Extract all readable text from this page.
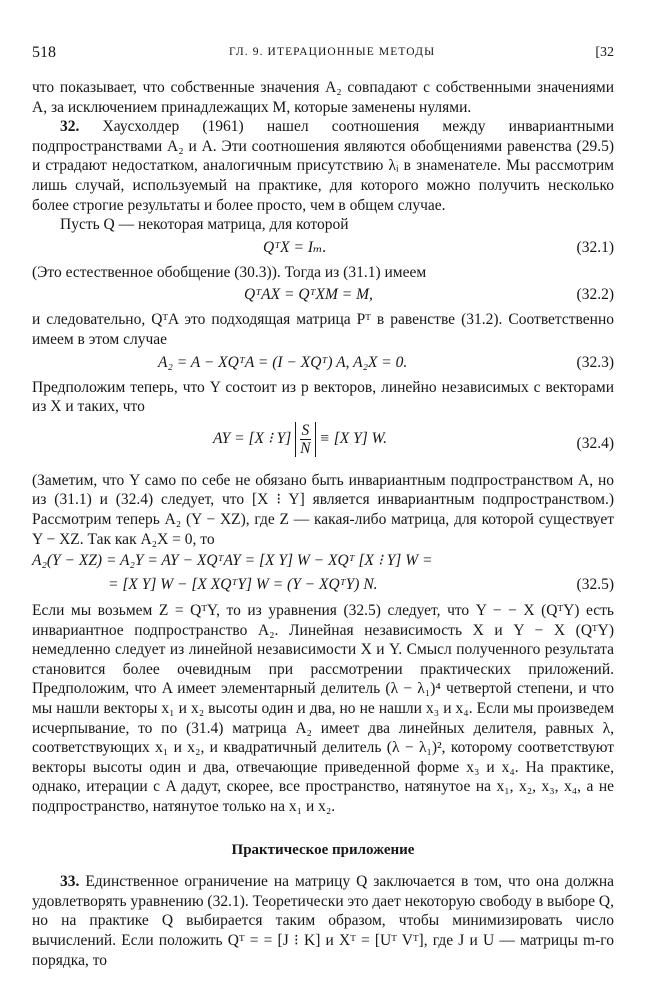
518	ГЛ. 9. ИТЕРАЦИОННЫЕ МЕТОДЫ	[32

что показывает, что собственные значения A₂ совпадают с собственными значениями A, за исключением принадлежащих M, которые заменены нулями.

32. Хаусхолдер (1961) нашел соотношения между инвариантными подпространствами A₂ и A. Эти соотношения являются обобщениями равенства (29.5) и страдают недостатком, аналогичным присутствию λᵢ в знаменателе. Мы рассмотрим лишь случай, используемый на практике, для которого можно получить несколько более строгие результаты и более просто, чем в общем случае.

Пусть Q — некоторая матрица, для которой

QᵀX = Iₘ.	(32.1)

(Это естественное обобщение (30.3)). Тогда из (31.1) имеем

QᵀAX = QᵀXM = M,	(32.2)

и следовательно, QᵀA это подходящая матрица Pᵀ в равенстве (31.2). Соответственно имеем в этом случае

A₂ = A − XQᵀA = (I − XQᵀ) A, A₂X = 0.	(32.3)

Предположим теперь, что Y состоит из p векторов, линейно независимых с векторами из X и таких, что

AY = [X ⁝ $Y] \frac{S}{N} \equiv [X$ Y] W.	(32.4)

(Заметим, что Y само по себе не обязано быть инвариантным подпространством A, но из (31.1) и (32.4) следует, что [X ⁝ Y] является инвариантным подпространством.) Рассмотрим теперь A₂ (Y − XZ), где Z — какая-либо матрица, для которой существует Y − XZ. Так как A₂X = 0, то

A₂(Y − XZ) = A₂Y = AY − XQᵀAY = [X Y] W − XQᵀ [X ⁝ Y] W =
= [X Y] W − [X XQᵀY] W = (Y − XQᵀY) N.	(32.5)

Если мы возьмем Z = QᵀY, то из уравнения (32.5) следует, что Y − − X (QᵀY) есть инвариантное подпространство A₂. Линейная независимость X и Y − X (QᵀY) немедленно следует из линейной независимости X и Y. Смысл полученного результата становится более очевидным при рассмотрении практических приложений. Предположим, что A имеет элементарный делитель (λ − λ₁)⁴ четвертой степени, и что мы нашли векторы x₁ и x₂ высоты один и два, но не нашли x₃ и x₄. Если мы произведем исчерпывание, то по (31.4) матрица A₂ имеет два линейных делителя, равных λ, соответствующих x₁ и x₂, и квадратичный делитель (λ − λ₁)², которому соответствуют векторы высоты один и два, отвечающие приведенной форме x₃ и x₄. На практике, однако, итерации с A дадут, скорее, все пространство, натянутое на x₁, x₂, x₃, x₄, а не подпространство, натянутое только на x₁ и x₂.

Практическое приложение

33. Единственное ограничение на матрицу Q заключается в том, что она должна удовлетворять уравнению (32.1). Теоретически это дает некоторую свободу в выборе Q, но на практике Q выбирается таким образом, чтобы минимизировать число вычислений. Если положить Qᵀ = = [J ⁝ K] и Xᵀ = [Uᵀ Vᵀ], где J и U — матрицы m-го порядка, то
